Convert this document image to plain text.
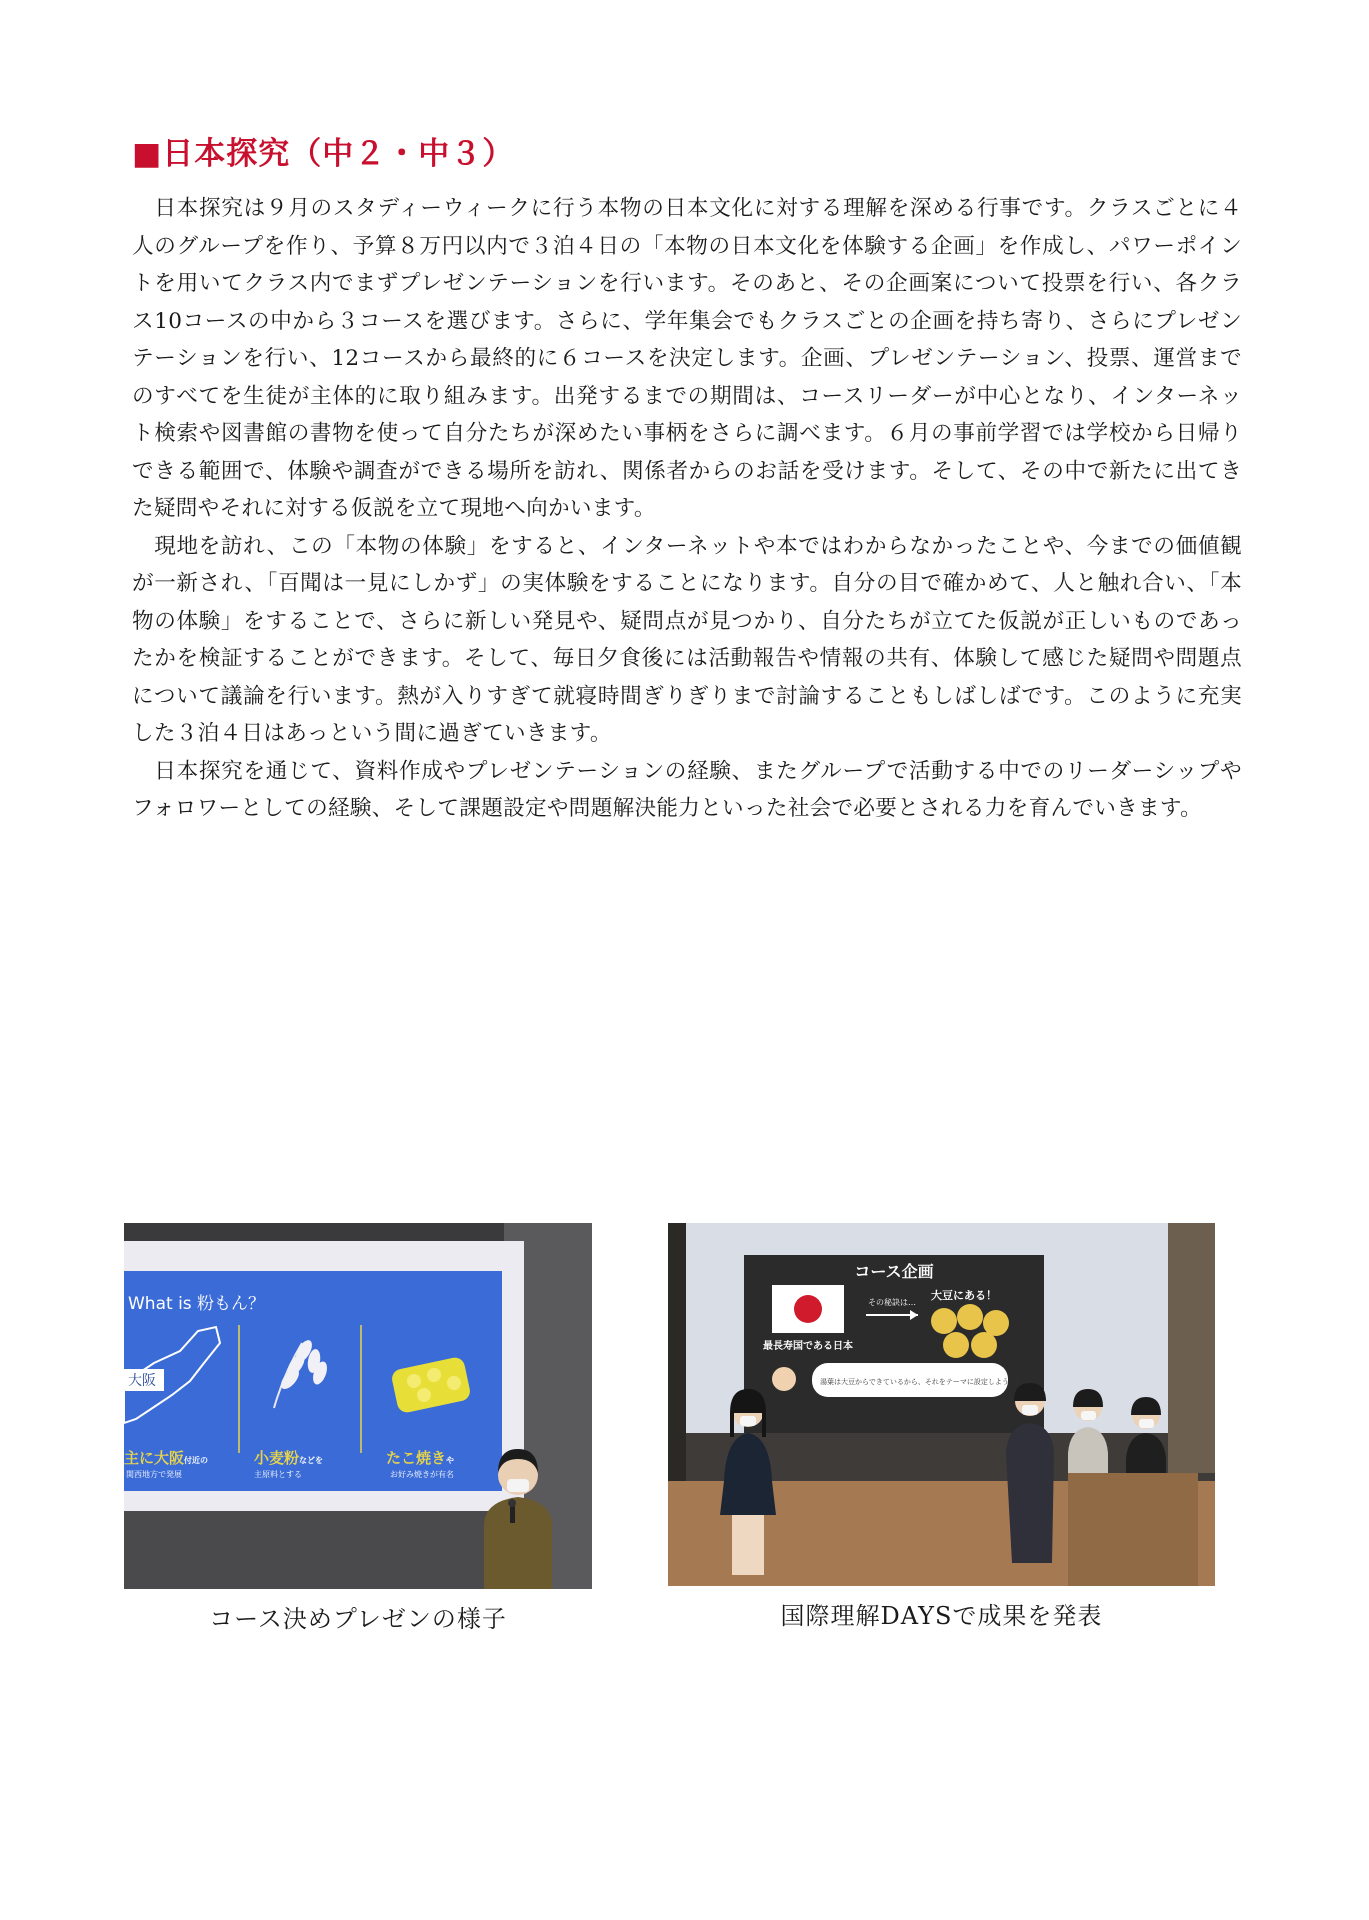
■日本探究（中２・中３）

　日本探究は９月のスタディーウィークに行う本物の日本文化に対する理解を深める行事です。クラスごとに４人のグループを作り、予算８万円以内で３泊４日の「本物の日本文化を体験する企画」を作成し、パワーポイントを用いてクラス内でまずプレゼンテーションを行います。そのあと、その企画案について投票を行い、各クラス10コースの中から３コースを選びます。さらに、学年集会でもクラスごとの企画を持ち寄り、さらにプレゼンテーションを行い、12コースから最終的に６コースを決定します。企画、プレゼンテーション、投票、運営までのすべてを生徒が主体的に取り組みます。出発するまでの期間は、コースリーダーが中心となり、インターネット検索や図書館の書物を使って自分たちが深めたい事柄をさらに調べます。６月の事前学習では学校から日帰りできる範囲で、体験や調査ができる場所を訪れ、関係者からのお話を受けます。そして、その中で新たに出てきた疑問やそれに対する仮説を立て現地へ向かいます。

　現地を訪れ、この「本物の体験」をすると、インターネットや本ではわからなかったことや、今までの価値観が一新され、「百聞は一見にしかず」の実体験をすることになります。自分の目で確かめて、人と触れ合い、「本物の体験」をすることで、さらに新しい発見や、疑問点が見つかり、自分たちが立てた仮説が正しいものであったかを検証することができます。そして、毎日夕食後には活動報告や情報の共有、体験して感じた疑問や問題点について議論を行います。熱が入りすぎて就寝時間ぎりぎりまで討論することもしばしばです。このように充実した３泊４日はあっという間に過ぎていきます。

　日本探究を通じて、資料作成やプレゼンテーションの経験、またグループで活動する中でのリーダーシップやフォロワーとしての経験、そして課題設定や問題解決能力といった社会で必要とされる力を育んでいきます。

What is 粉もん？
大阪
主に大阪付近の
関西地方で発展
小麦粉などを
主原料とする
たこ焼きや
お好み焼きが有名
コース決めプレゼンの様子
コース企画
最長寿国である日本
その秘訣は…
大豆にある！
湯葉は大豆からできているから、それをテーマに設定しよう！！
国際理解DAYSで成果を発表
